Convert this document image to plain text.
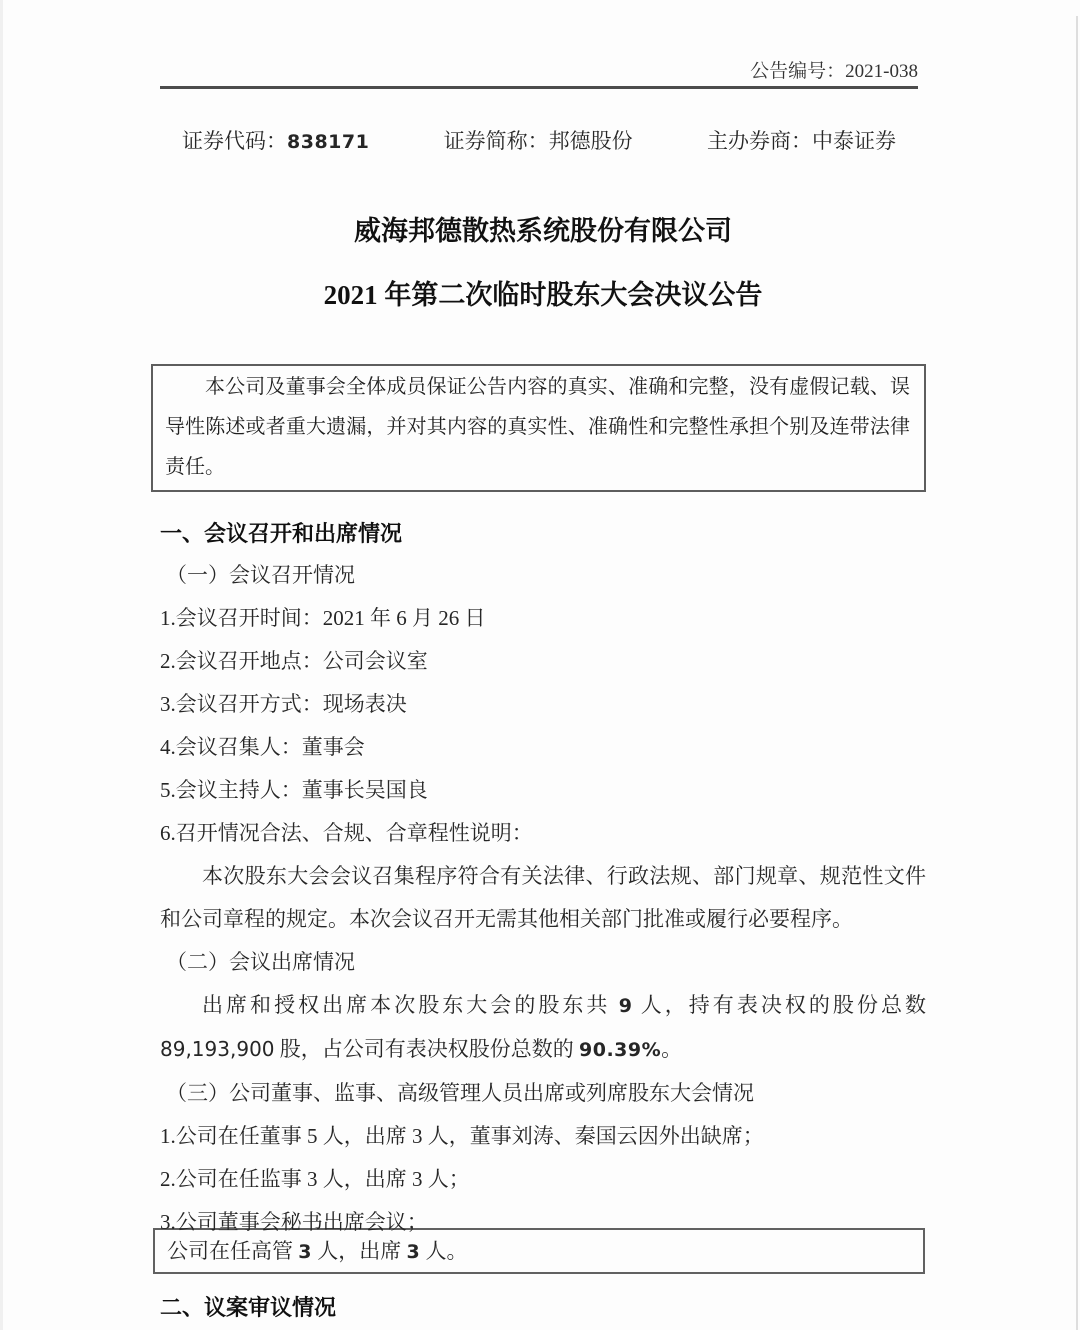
公告编号：2021-038
证券代码：838171	证券简称：邦德股份	主办券商：中泰证券
威海邦德散热系统股份有限公司
2021 年第二次临时股东大会决议公告
本公司及董事会全体成员保证公告内容的真实、准确和完整，没有虚假记载、误导性陈述或者重大遗漏，并对其内容的真实性、准确性和完整性承担个别及连带法律责任。
一、会议召开和出席情况
（一）会议召开情况
1.会议召开时间：2021 年 6 月 26 日
2.会议召开地点：公司会议室
3.会议召开方式：现场表决
4.会议召集人：董事会
5.会议主持人：董事长吴国良
6.召开情况合法、合规、合章程性说明：
本次股东大会会议召集程序符合有关法律、行政法规、部门规章、规范性文件和公司章程的规定。本次会议召开无需其他相关部门批准或履行必要程序。
（二）会议出席情况
出席和授权出席本次股东大会的股东共 9 人，持有表决权的股份总数 89,193,900 股，占公司有表决权股份总数的 90.39%。
（三）公司董事、监事、高级管理人员出席或列席股东大会情况
1.公司在任董事 5 人，出席 3 人，董事刘涛、秦国云因外出缺席；
2.公司在任监事 3 人，出席 3 人；
3.公司董事会秘书出席会议；
公司在任高管 3 人，出席 3 人。
二、议案审议情况
